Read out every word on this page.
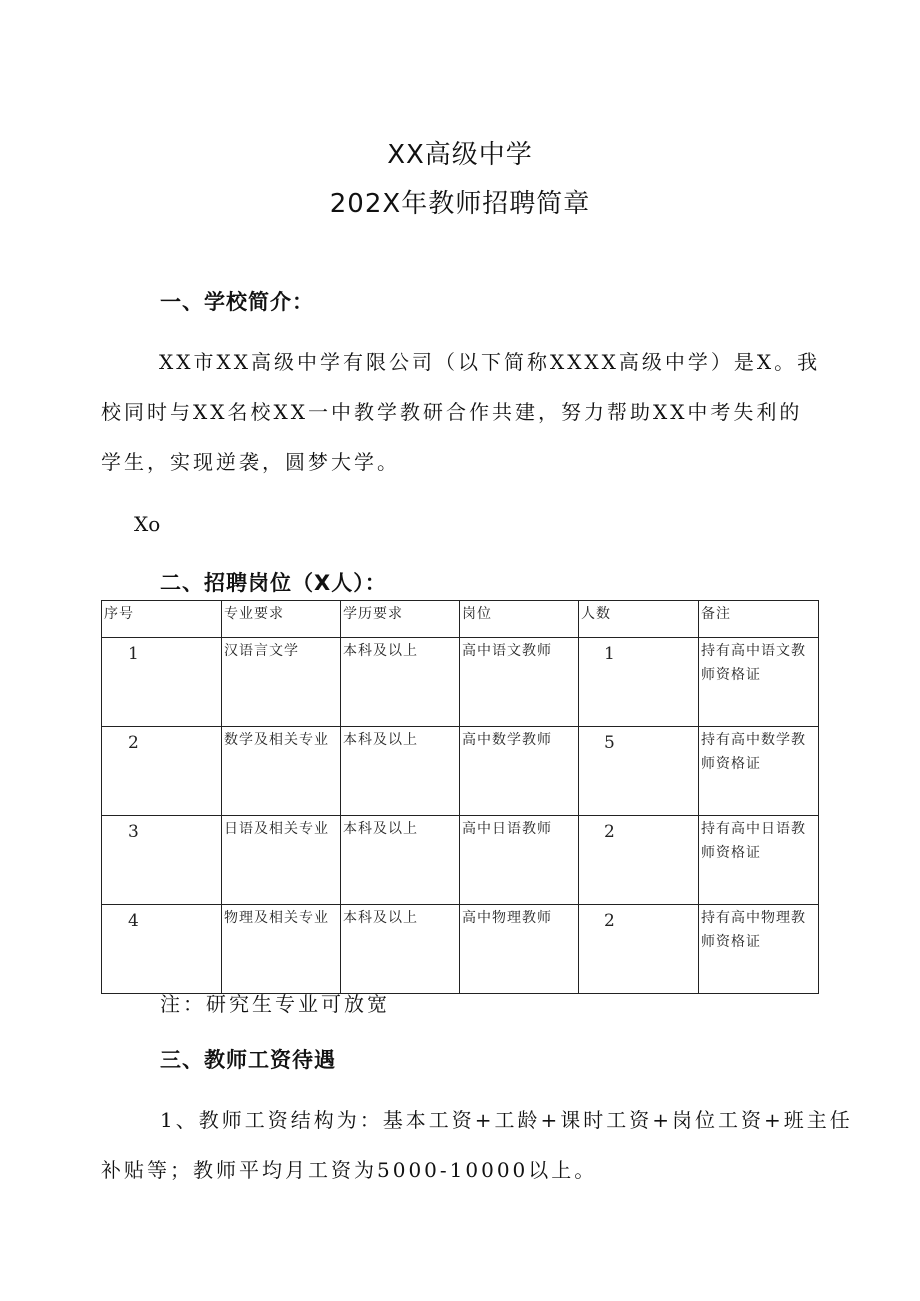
XX高级中学
202X年教师招聘简章
一、学校简介：
XX市XX高级中学有限公司（以下简称XXXX高级中学）是X。我
校同时与XX名校XX一中教学教研合作共建，努力帮助XX中考失利的
学生，实现逆袭，圆梦大学。
Xo
二、招聘岗位（X人）：
序号	专业要求	学历要求	岗位	人数	备注
1	汉语言文学	本科及以上	高中语文教师	1	持有高中语文教师资格证
2	数学及相关专业	本科及以上	高中数学教师	5	持有高中数学教师资格证
3	日语及相关专业	本科及以上	高中日语教师	2	持有高中日语教师资格证
4	物理及相关专业	本科及以上	高中物理教师	2	持有高中物理教师资格证
注：研究生专业可放宽
三、教师工资待遇
1、教师工资结构为：基本工资+工龄+课时工资+岗位工资+班主任
补贴等；教师平均月工资为5000-10000以上。
